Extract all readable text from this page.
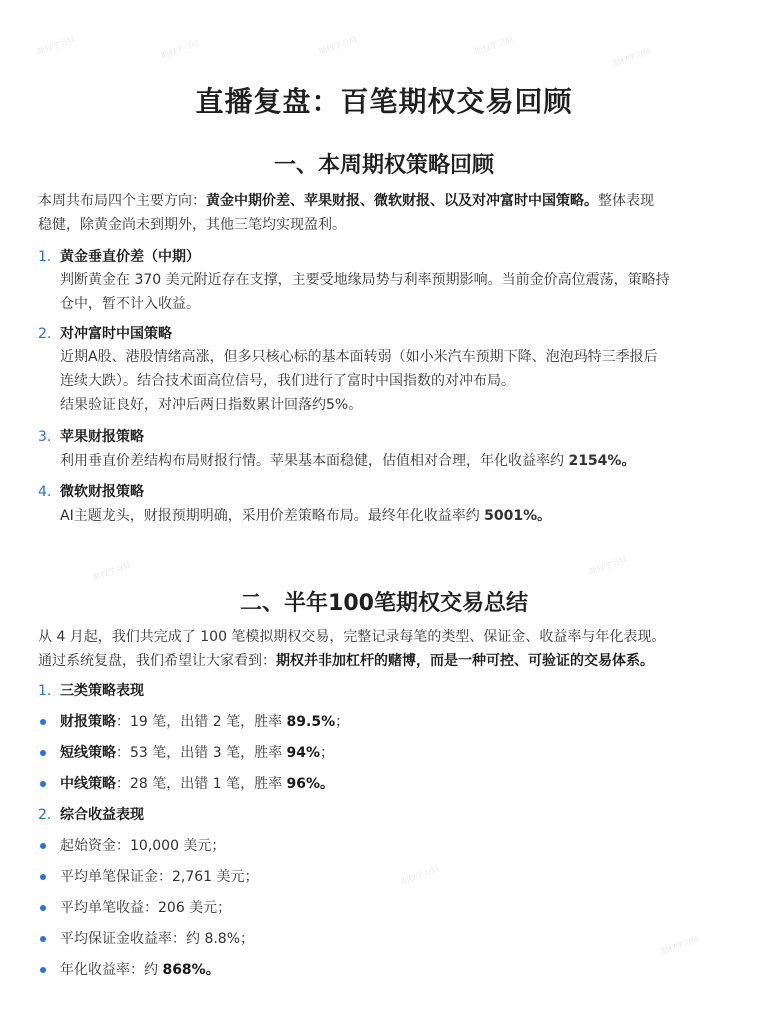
期权学习局	期权学习局
期权学习局
期权学习局	期权学习局
期权学习局
期权学习局
期权学习局
期权学习局
直播复盘：百笔期权交易回顾
一、本周期权策略回顾
本周共布局四个主要方向：黄金中期价差、苹果财报、微软财报、以及对冲富时中国策略。整体表现
稳健，除黄金尚未到期外，其他三笔均实现盈利。
1. 黄金垂直价差（中期）
判断黄金在 370 美元附近存在支撑，主要受地缘局势与利率预期影响。当前金价高位震荡，策略持
仓中，暂不计入收益。
2. 对冲富时中国策略
近期A股、港股情绪高涨，但多只核心标的基本面转弱（如小米汽车预期下降、泡泡玛特三季报后
连续大跌）。结合技术面高位信号，我们进行了富时中国指数的对冲布局。
结果验证良好，对冲后两日指数累计回落约5%。
3. 苹果财报策略
利用垂直价差结构布局财报行情。苹果基本面稳健，估值相对合理，年化收益率约 2154%。
4. 微软财报策略
AI主题龙头，财报预期明确，采用价差策略布局。最终年化收益率约 5001%。
二、半年100笔期权交易总结
从 4 月起，我们共完成了 100 笔模拟期权交易，完整记录每笔的类型、保证金、收益率与年化表现。
通过系统复盘，我们希望让大家看到：期权并非加杠杆的赌博，而是一种可控、可验证的交易体系。
1. 三类策略表现
财报策略：19 笔，出错 2 笔，胜率 89.5%；
短线策略：53 笔，出错 3 笔，胜率 94%；
中线策略：28 笔，出错 1 笔，胜率 96%。
2. 综合收益表现
起始资金：10,000 美元；
平均单笔保证金：2,761 美元；
平均单笔收益：206 美元；
平均保证金收益率：约 8.8%；
年化收益率：约 868%。
